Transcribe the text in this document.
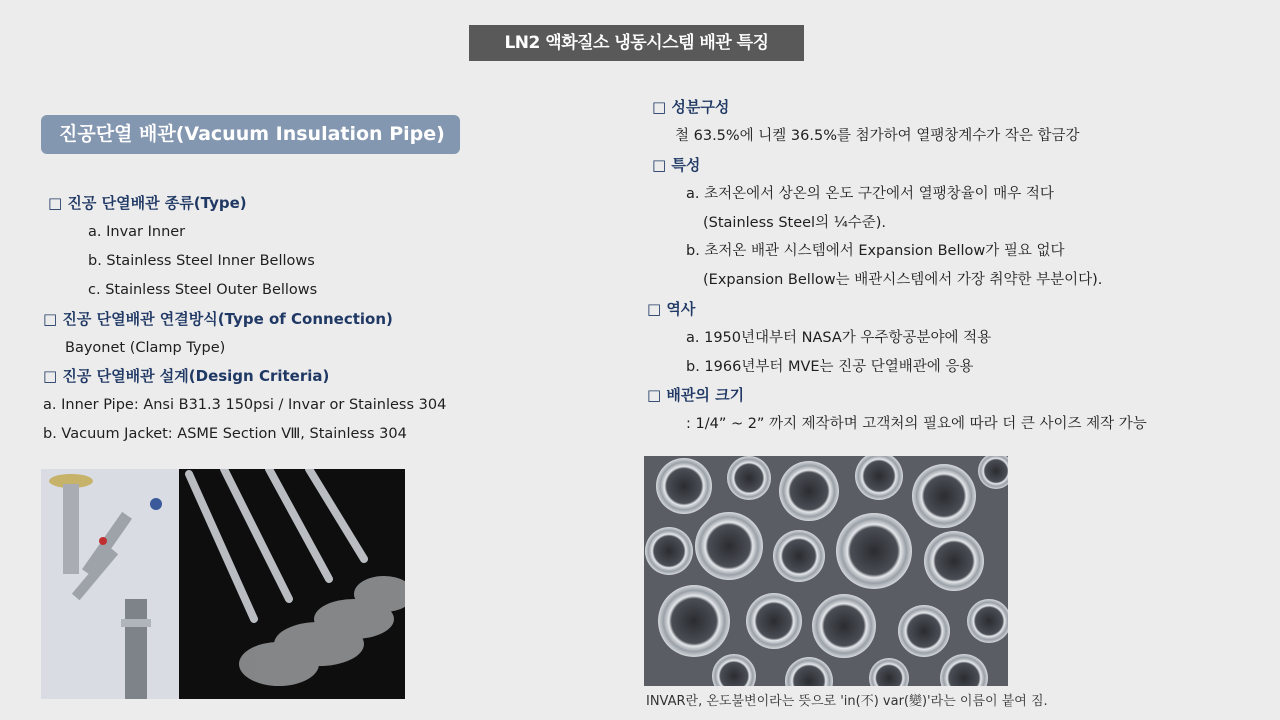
LN2 액화질소 냉동시스템 배관 특징
진공단열 배관(Vacuum Insulation Pipe)
□ 진공 단열배관 종류(Type)
a. Invar Inner
b. Stainless Steel Inner Bellows
c. Stainless Steel Outer Bellows
□ 진공 단열배관 연결방식(Type of Connection)
Bayonet (Clamp Type)
□ 진공 단열배관 설계(Design Criteria)
a. Inner Pipe: Ansi B31.3 150psi / Invar or Stainless 304
b. Vacuum Jacket: ASME Section Ⅷ, Stainless 304
□ 성분구성
철 63.5%에 니켈 36.5%를 첨가하여 열팽창계수가 작은 합금강
□ 특성
a. 초저온에서 상온의 온도 구간에서 열팽창율이 매우 적다
(Stainless Steel의 ¼수준).
b. 초저온 배관 시스템에서 Expansion Bellow가 필요 없다
(Expansion Bellow는 배관시스템에서 가장 취약한 부분이다).
□ 역사
a. 1950년대부터 NASA가 우주항공분야에 적용
b. 1966년부터 MVE는 진공 단열배관에 응용
□ 배관의 크기
: 1/4” ~ 2” 까지 제작하며 고객처의 필요에 따라 더 큰 사이즈 제작 가능
INVAR란, 온도불변이라는 뜻으로 'in(不) var(變)'라는 이름이 붙여 짐.
